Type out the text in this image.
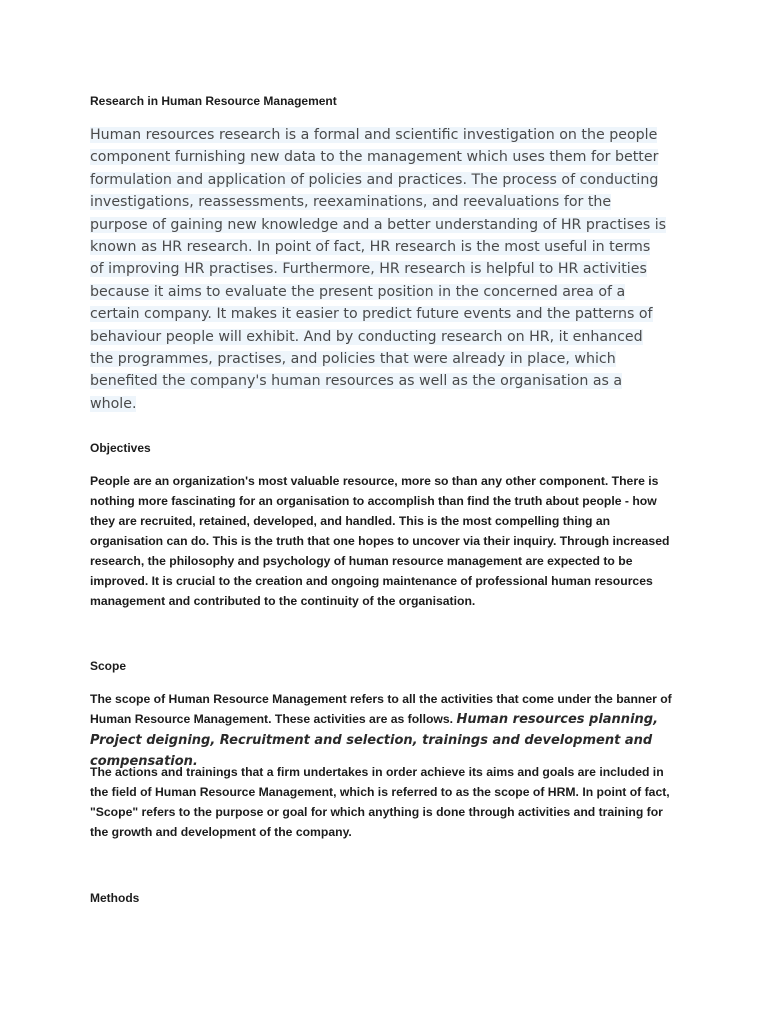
Research in Human Resource Management

Human resources research is a formal and scientific investigation on the people component furnishing new data to the management which uses them for better formulation and application of policies and practices. The process of conducting investigations, reassessments, reexaminations, and reevaluations for the purpose of gaining new knowledge and a better understanding of HR practises is known as HR research. In point of fact, HR research is the most useful in terms of improving HR practises. Furthermore, HR research is helpful to HR activities because it aims to evaluate the present position in the concerned area of a certain company. It makes it easier to predict future events and the patterns of behaviour people will exhibit. And by conducting research on HR, it enhanced the programmes, practises, and policies that were already in place, which benefited the company's human resources as well as the organisation as a whole.

Objectives

People are an organization's most valuable resource, more so than any other component. There is nothing more fascinating for an organisation to accomplish than find the truth about people - how they are recruited, retained, developed, and handled. This is the most compelling thing an organisation can do. This is the truth that one hopes to uncover via their inquiry. Through increased research, the philosophy and psychology of human resource management are expected to be improved. It is crucial to the creation and ongoing maintenance of professional human resources management and contributed to the continuity of the organisation.

Scope

The scope of Human Resource Management refers to all the activities that come under the banner of Human Resource Management. These activities are as follows. Human resources planning, Project deigning, Recruitment and selection, trainings and development and compensation.

The actions and trainings that a firm undertakes in order achieve its aims and goals are included in the field of Human Resource Management, which is referred to as the scope of HRM. In point of fact, "Scope" refers to the purpose or goal for which anything is done through activities and training for the growth and development of the company.

Methods
